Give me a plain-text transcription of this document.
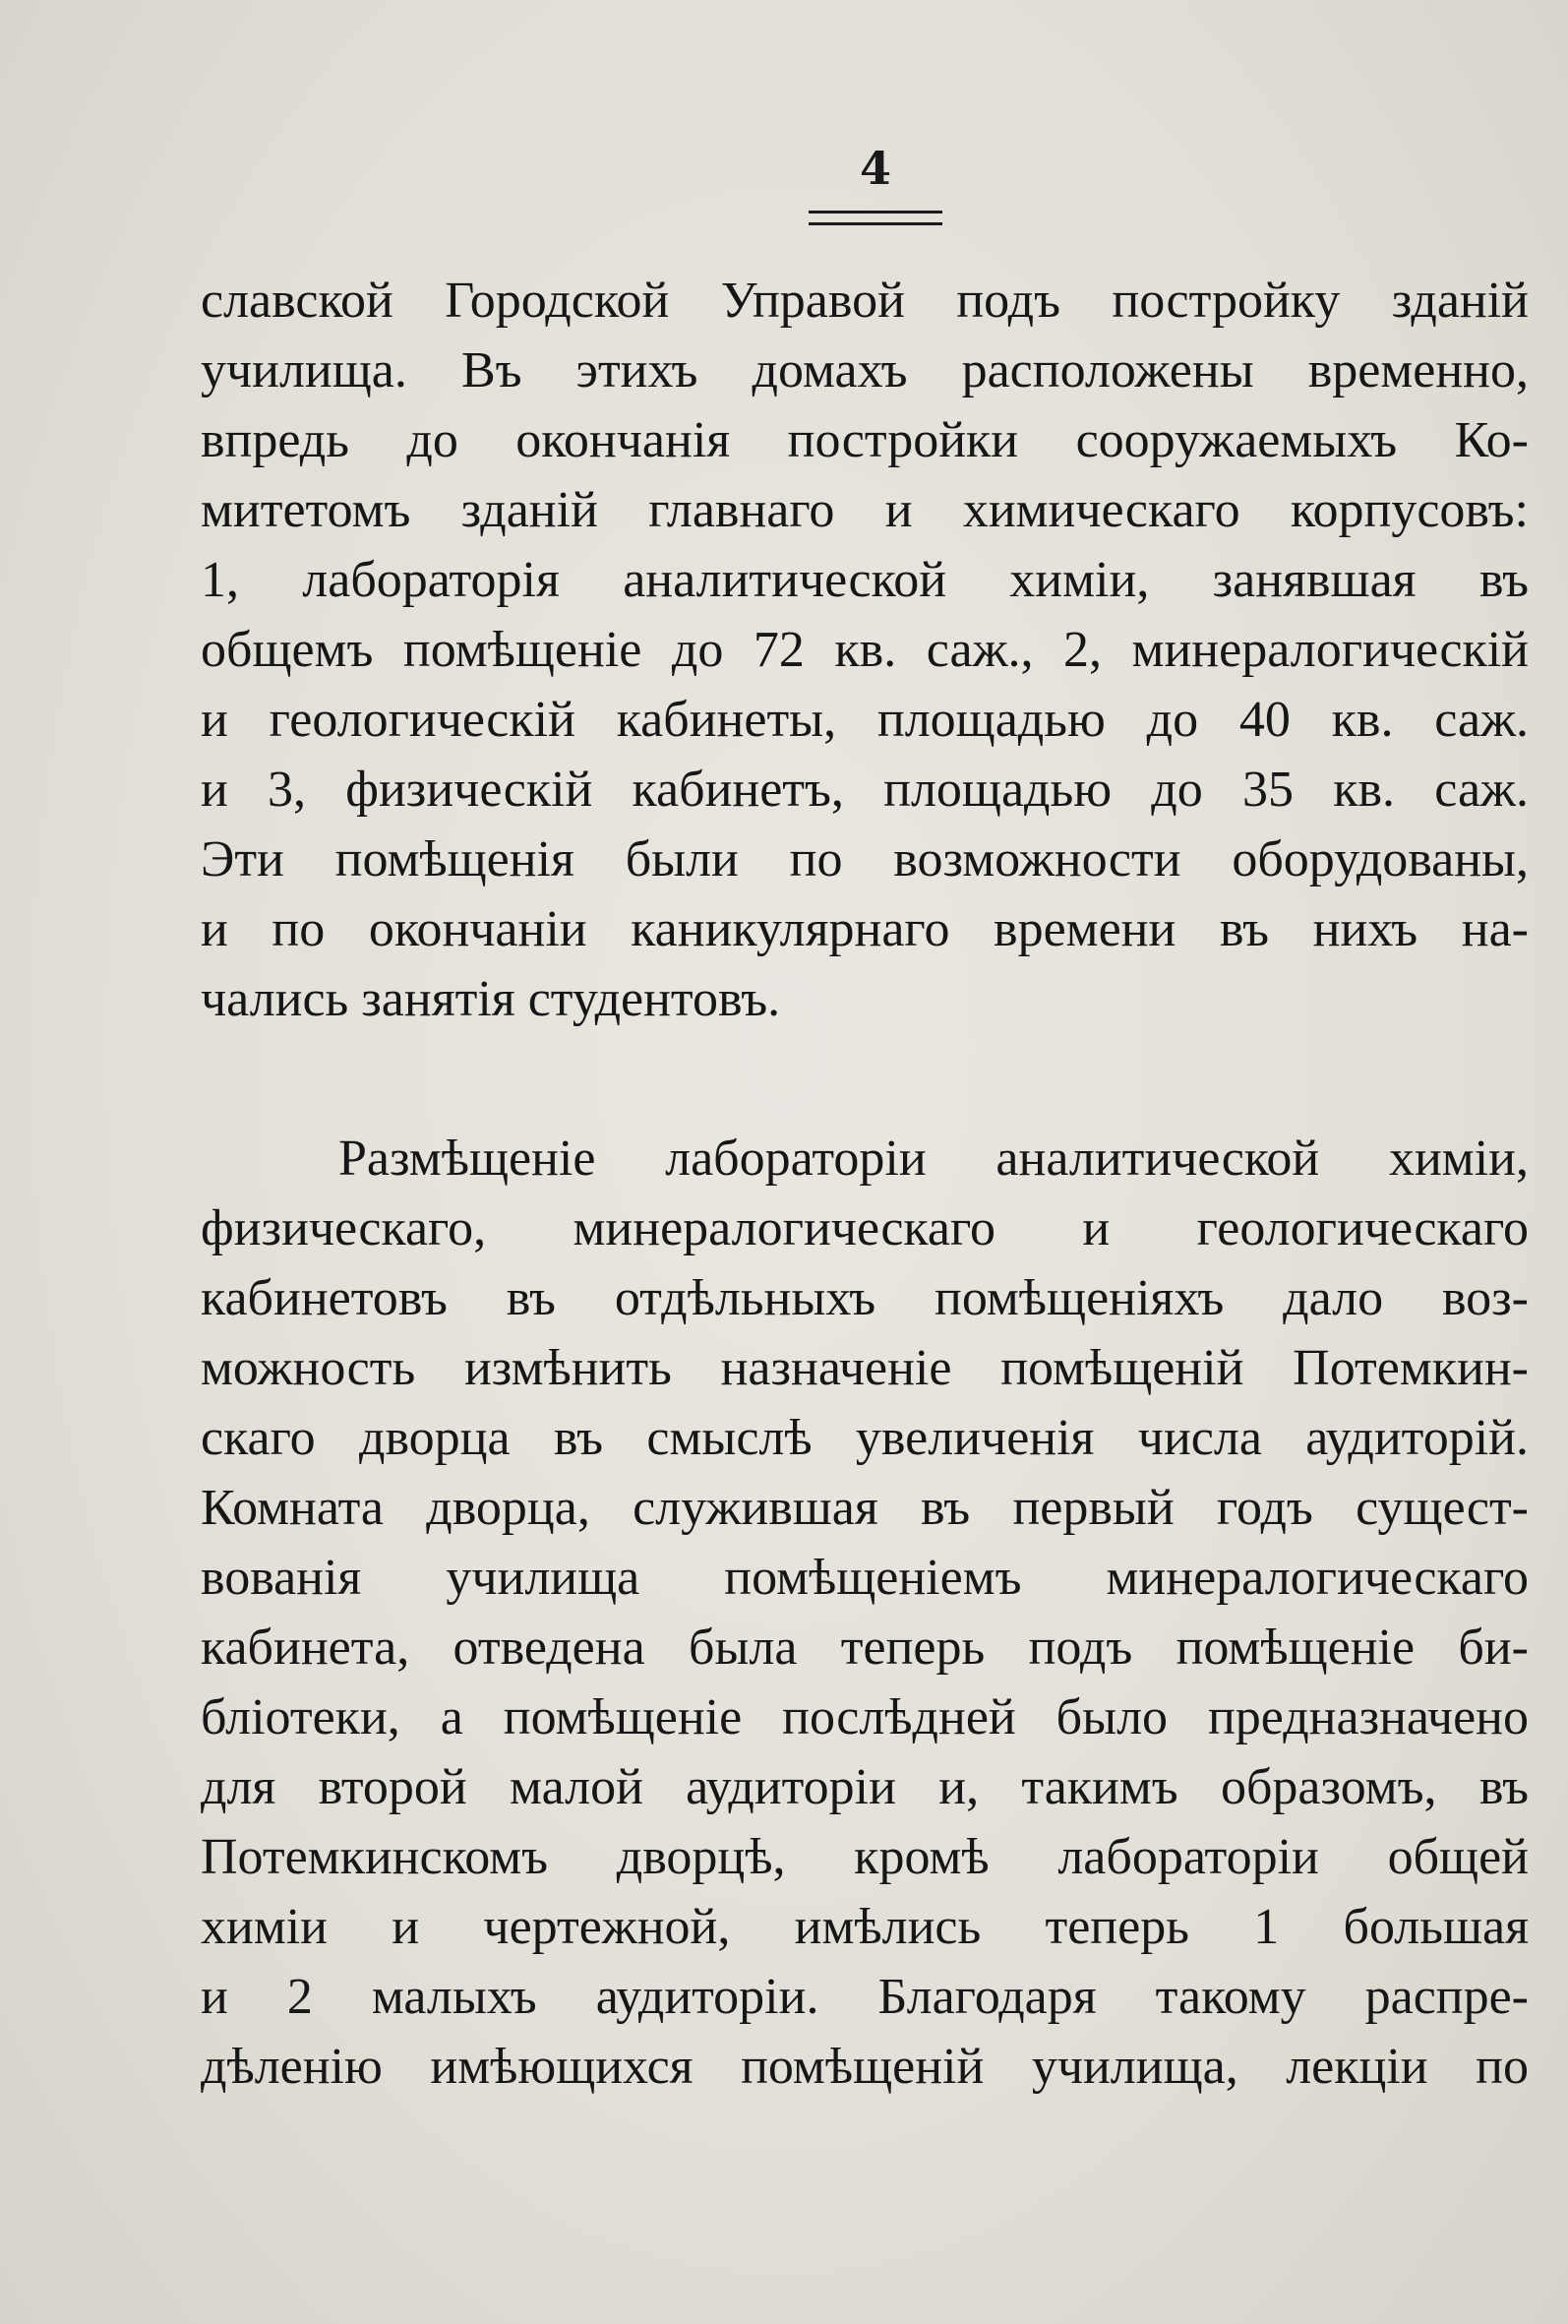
4
славской Городской Управой подъ постройку зданій
училища. Въ этихъ домахъ расположены временно,
впредь до окончанія постройки сооружаемыхъ Ко-
митетомъ зданій главнаго и химическаго корпусовъ:
1, лабораторія аналитической химіи, занявшая въ
общемъ помѣщеніе до 72 кв. саж., 2, минералогическій
и геологическій кабинеты, площадью до 40 кв. саж.
и 3, физическій кабинетъ, площадью до 35 кв. саж.
Эти помѣщенія были по возможности оборудованы,
и по окончаніи каникулярнаго времени въ нихъ на-
чались занятія студентовъ.
Размѣщеніе лабораторіи аналитической химіи,
физическаго, минералогическаго и геологическаго
кабинетовъ въ отдѣльныхъ помѣщеніяхъ дало воз-
можность измѣнить назначеніе помѣщеній Потемкин-
скаго дворца въ смыслѣ увеличенія числа аудиторій.
Комната дворца, служившая въ первый годъ сущест-
вованія училища помѣщеніемъ минералогическаго
кабинета, отведена была теперь подъ помѣщеніе би-
бліотеки, а помѣщеніе послѣдней было предназначено
для второй малой аудиторіи и, такимъ образомъ, въ
Потемкинскомъ дворцѣ, кромѣ лабораторіи общей
химіи и чертежной, имѣлись теперь 1 большая
и 2 малыхъ аудиторіи. Благодаря такому распре-
дѣленію имѣющихся помѣщеній училища, лекціи по
